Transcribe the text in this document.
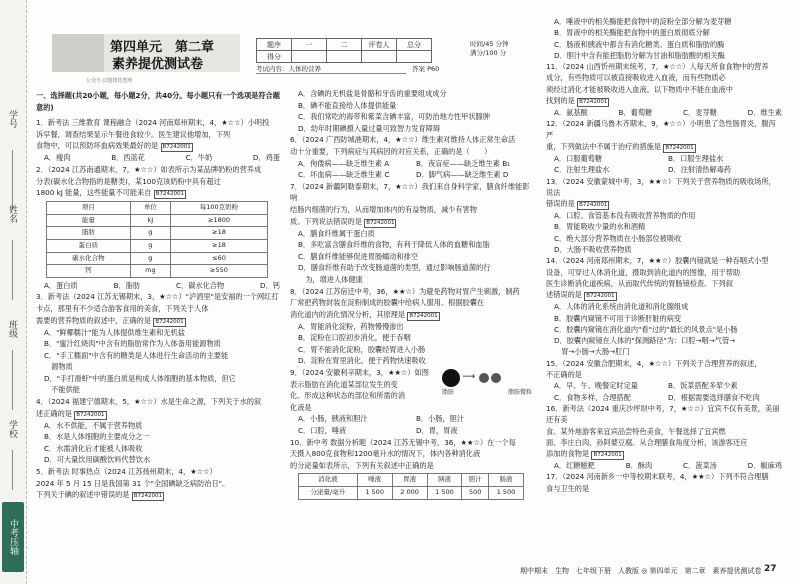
学号
姓名
班级
学校
中考压轴
第四单元　第二章
素养提优测试卷
公众号·试题精选整理
题序	一	二	评卷人	总分
得分				
时间/45 分钟
满分/100 分
考试内容：人体的营养	答案 P60
一、选择题(共20小题，每小题2分，共40分。每小题只有一个选项是符合题意的)
1．新考法 三维教育 课程融合（2024 河南郑州期末，4，★☆☆）小明投
诉早餐，调查结果显示午餐进食较少。医生建议他增加，下列
食物中，可以预防坏血病效果最好的是 B7242001
A．瘦肉	B．西蓝花	C．牛奶	D．鸡蛋
2．（2024 江苏南通期末，7，★☆☆）如表所示为某品牌奶粉的营养成
分表(碳水化合物指的是糖类)，某100克该奶粉中具有超过
1800 kJ 能量，这些能量不可能来自 B7242001
项目	单位	每100克奶粉
能量	kJ	≥1800
脂肪	g	≥18
蛋白质	g	≥18
碳水化合物	g	≤60
钙	mg	≥550
A．蛋白质	B．脂肪	C．碳水化合物	D．钙
3．新考法（2024 江苏无锡期末，3，★☆☆）"泸酒里"是安福的一个网红打
卡点，那里有不少适合游客食用的美食，下列关于人体
需要的营养物质的叙述中，正确的是 B7242001
A．"鲜椰糯汁"能为人体提供维生素和无机盐
B．"蜜汁红烧肉"中含有的脂肪常作为人体备用能源物质
C．"手工糯面"中含有的糖类是人体进行生命活动的主要能
　源物质
D．"手打滑虾"中的蛋白质是构成人体细胞的基本物质，但它
　不能供能
4．（2024 福建宁德期末，5，★☆☆）水是生命之源，下列关于水的叙
述正确的是 B7242001
A．水不供能，不属于营养物质
B．水是人体细胞的主要成分之一
C．水需消化后才能被人体吸收
D．可大量饮用碳酸饮料代替饮水
5．新考法 时事热点（2024 江苏扬州期末，4，★☆☆）
2024 年 5 月 15 日是我国第 31 个"全国碘缺乏病防治日"。
下列关于碘的叙述中错误的是 B7242001
A．含碘的无机盐是骨骼和牙齿的重要组成成分
B．碘不能直接给人体提供能量
C．我们常吃的海带和紫菜含碘丰富，可防治地方性甲状腺肿
D．幼年时期碘摄入量过量可致智力发育障碍
6．（2024 广西防城港期末，4，★☆☆）维生素对维持人体正常生命活
动十分重要，下列病症与其病因的对应关系，正确的是（　　）
A．佝偻病——缺乏维生素 A	B．夜盲症——缺乏维生素 B₁
C．坏血病——缺乏维生素 C	D．脚气病——缺乏维生素 D
7．（2024 新疆阿勒泰期末，7，★☆☆）我们来自身科学家，膳食纤维能影响
结肠内细菌的行为，从而增加体内的有益物质，减少有害物
质。下列说法错误的是 B7242001
A．膳食纤维属于蛋白质
B．多吃富含膳食纤维的食物，有利于降低人体的血糖和血脂
C．膳食纤维能够促进胃肠蠕动和排空
D．膳食纤维有助于改变肠道菌的类型，通过影响肠道菌的行
　为，增进人体健康
8．（2024 江苏宿迁中考，36，★★☆）为避免药物对胃产生刺激，制药
厂常把药物封装在淀粉制成的胶囊中给病人服用。根据胶囊在
消化道内的消化情况分析，其原理是 B7242001
A．胃能消化淀粉，药物慢慢渗出
B．淀粉在口腔初步消化，便于吞咽
C．胃不能消化淀粉，胶囊经胃进入小肠
D．淀粉在胃里消化，便于药物快速吸收
9．（2024 安徽利辛期末，3，★★☆）如图
表示脂肪在消化道某部位发生的变
化。形成这种状态的部位和所需的消
化液是
⟶
脂肪	脂肪微粒
A．小肠，胰液和胆汁	B．小肠，胆汁
C．口腔，唾液	D．胃，胃液
10．新中考 数据分析题（2024 江苏无锡中考，36，★★☆）在一个每
天摄入800克食物和1200毫升水的情况下，体内各种消化液
的分泌量如表所示，下列有关叙述中正确的是
消化液	唾液	胃液	胰液	胆汁	肠液
分泌量/毫升	1 500	2 000	1 500	500	1 500
A．唾液中的相关酶能把食物中的淀粉全部分解为麦芽糖
B．胃液中的相关酶能把食物中的蛋白质彻底分解
C．肠液和胰液中都含有消化糖类、蛋白质和脂肪的酶
D．胆汁中含有能把脂肪分解为甘油和脂肪酸的相关酶
11．（2024 山西忻州期末统考，7，★☆☆）人每天所食食物中的营养
成分，有些物质可以被直接吸收进入血液，而有些物质必
须经过消化才能被吸收进入血液。以下物质中不能在血液中
找到的是 B7242001
A．氨基酸	B．葡萄糖	C．麦芽糖	D．维生素
12．（2024 新疆乌鲁木齐期末，9，★☆☆）小明患了急性肠胃炎，腹泻严
重，下列做法中不属于治疗的措施是 B7242001
A．口服葡萄糖	B．口服生理盐水
C．注射生理盐水	D．注射清热解毒药
13．（2024 安徽蒙城中考，3，★★☆）下列关于营养物质的吸收场所，说法
错误的是 B7242001
A．口腔、食管基本没有吸收营养物质的作用
B．胃能吸收少量的水和酒精
C．绝大部分营养物质在小肠部位被吸收
D．大肠不吸收营养物质
14．（2024 河南郑州期末，7，★★☆）胶囊内镜就是一种吞咽式小型
设备，可穿过人体消化道，摄取到消化道内的图像，用于帮助
医生诊断消化道疾病，从而取代传统的胃肠镜检查。下列叙
述错误的是 B7242001
A．人体的消化系统由消化道和消化腺组成
B．胶囊内窥镜不可用于诊断肝脏的病变
C．胶囊内窥镜在消化道内"看"过的"最长的风景点"是小肠
D．胶囊内窥镜在人体的"探测路径"为：口腔→咽→气管→
　胃→小肠→大肠→肛门
15．（2024 安徽合肥期末，4，★☆☆）下列关于合理营养的叙述，
不正确的是
A．早、午、晚餐定时定量	B．饭菜搭配多荤少素
C．食物多样，合理搭配	D．根据需要选择膳食不吃肉
16．新考法（2024 重庆沙坪坝中考，7，★☆☆）宜宾不仅有美景，美丽还有美
食。某外地游客来宜宾品尝特色美食，午餐选择了宜宾燃
面、李庄白肉、孙阿婆豆腐。从合理膳食角度分析，该游客还应
添加的食物是 B7242001
A．红糖糍粑	B．酥肉	C．菠菜汤	D．椒麻鸡
17．（2024 河南新乡一中等校期末联考，4，★★☆）下列不符合理膳
食与卫生的是
期中期末　生物　七年级下册　人教版 ◎ 第四单元　第二章　素养提优测试卷 27
